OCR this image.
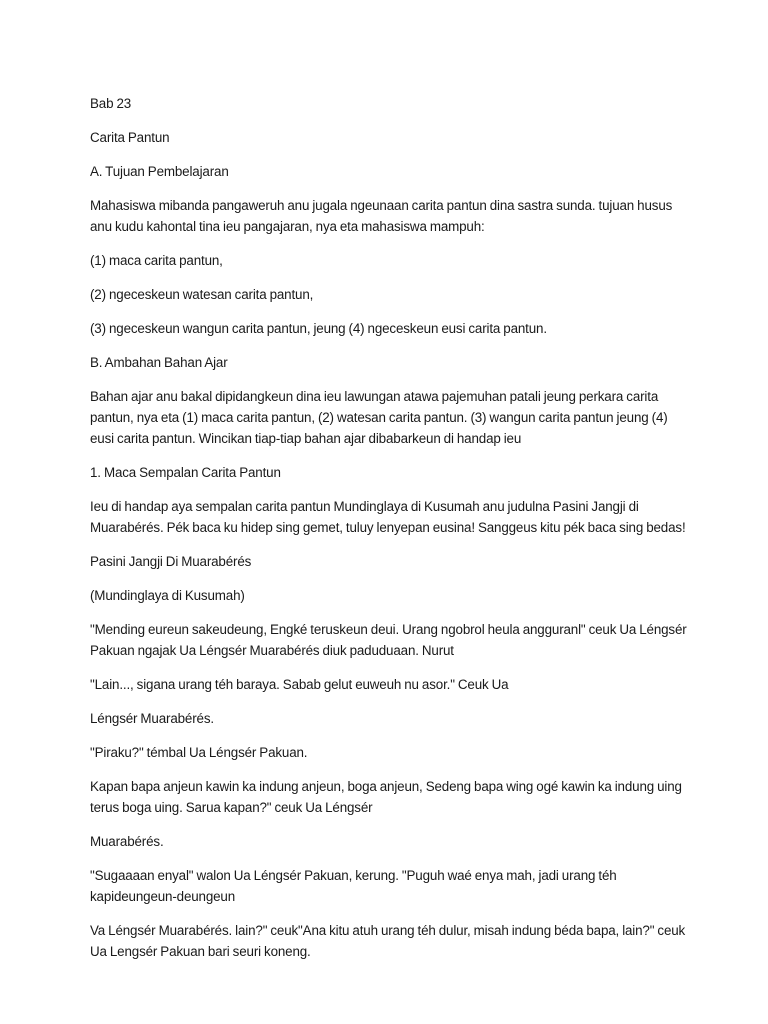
Bab 23

Carita Pantun

A. Tujuan Pembelajaran

Mahasiswa mibanda pangaweruh anu jugala ngeunaan carita pantun dina sastra sunda. tujuan husus anu kudu kahontal tina ieu pangajaran, nya eta mahasiswa mampuh:

(1) maca carita pantun,

(2) ngeceskeun watesan carita pantun,

(3) ngeceskeun wangun carita pantun, jeung (4) ngeceskeun eusi carita pantun.

B. Ambahan Bahan Ajar

Bahan ajar anu bakal dipidangkeun dina ieu lawungan atawa pajemuhan patali jeung perkara carita pantun, nya eta (1) maca carita pantun, (2) watesan carita pantun. (3) wangun carita pantun jeung (4) eusi carita pantun. Wincikan tiap-tiap bahan ajar dibabarkeun di handap ieu

1. Maca Sempalan Carita Pantun

Ieu di handap aya sempalan carita pantun Mundinglaya di Kusumah anu judulna Pasini Jangji di Muarabérés. Pék baca ku hidep sing gemet, tuluy lenyepan eusina! Sanggeus kitu pék baca sing bedas!

Pasini Jangji Di Muarabérés

(Mundinglaya di Kusumah)

"Mending eureun sakeudeung, Engké teruskeun deui. Urang ngobrol heula angguranl" ceuk Ua Léngsér Pakuan ngajak Ua Léngsér Muarabérés diuk paduduaan. Nurut

"Lain..., sigana urang téh baraya. Sabab gelut euweuh nu asor." Ceuk Ua

Léngsér Muarabérés.

"Piraku?" témbal Ua Léngsér Pakuan.

Kapan bapa anjeun kawin ka indung anjeun, boga anjeun, Sedeng bapa wing ogé kawin ka indung uing terus boga uing. Sarua kapan?" ceuk Ua Léngsér

Muarabérés.

"Sugaaaan enyal" walon Ua Léngsér Pakuan, kerung. "Puguh waé enya mah, jadi urang téh kapideungeun-deungeun

Va Léngsér Muarabérés. lain?" ceuk"Ana kitu atuh urang téh dulur, misah indung béda bapa, lain?" ceuk Ua Lengsér Pakuan bari seuri koneng.
